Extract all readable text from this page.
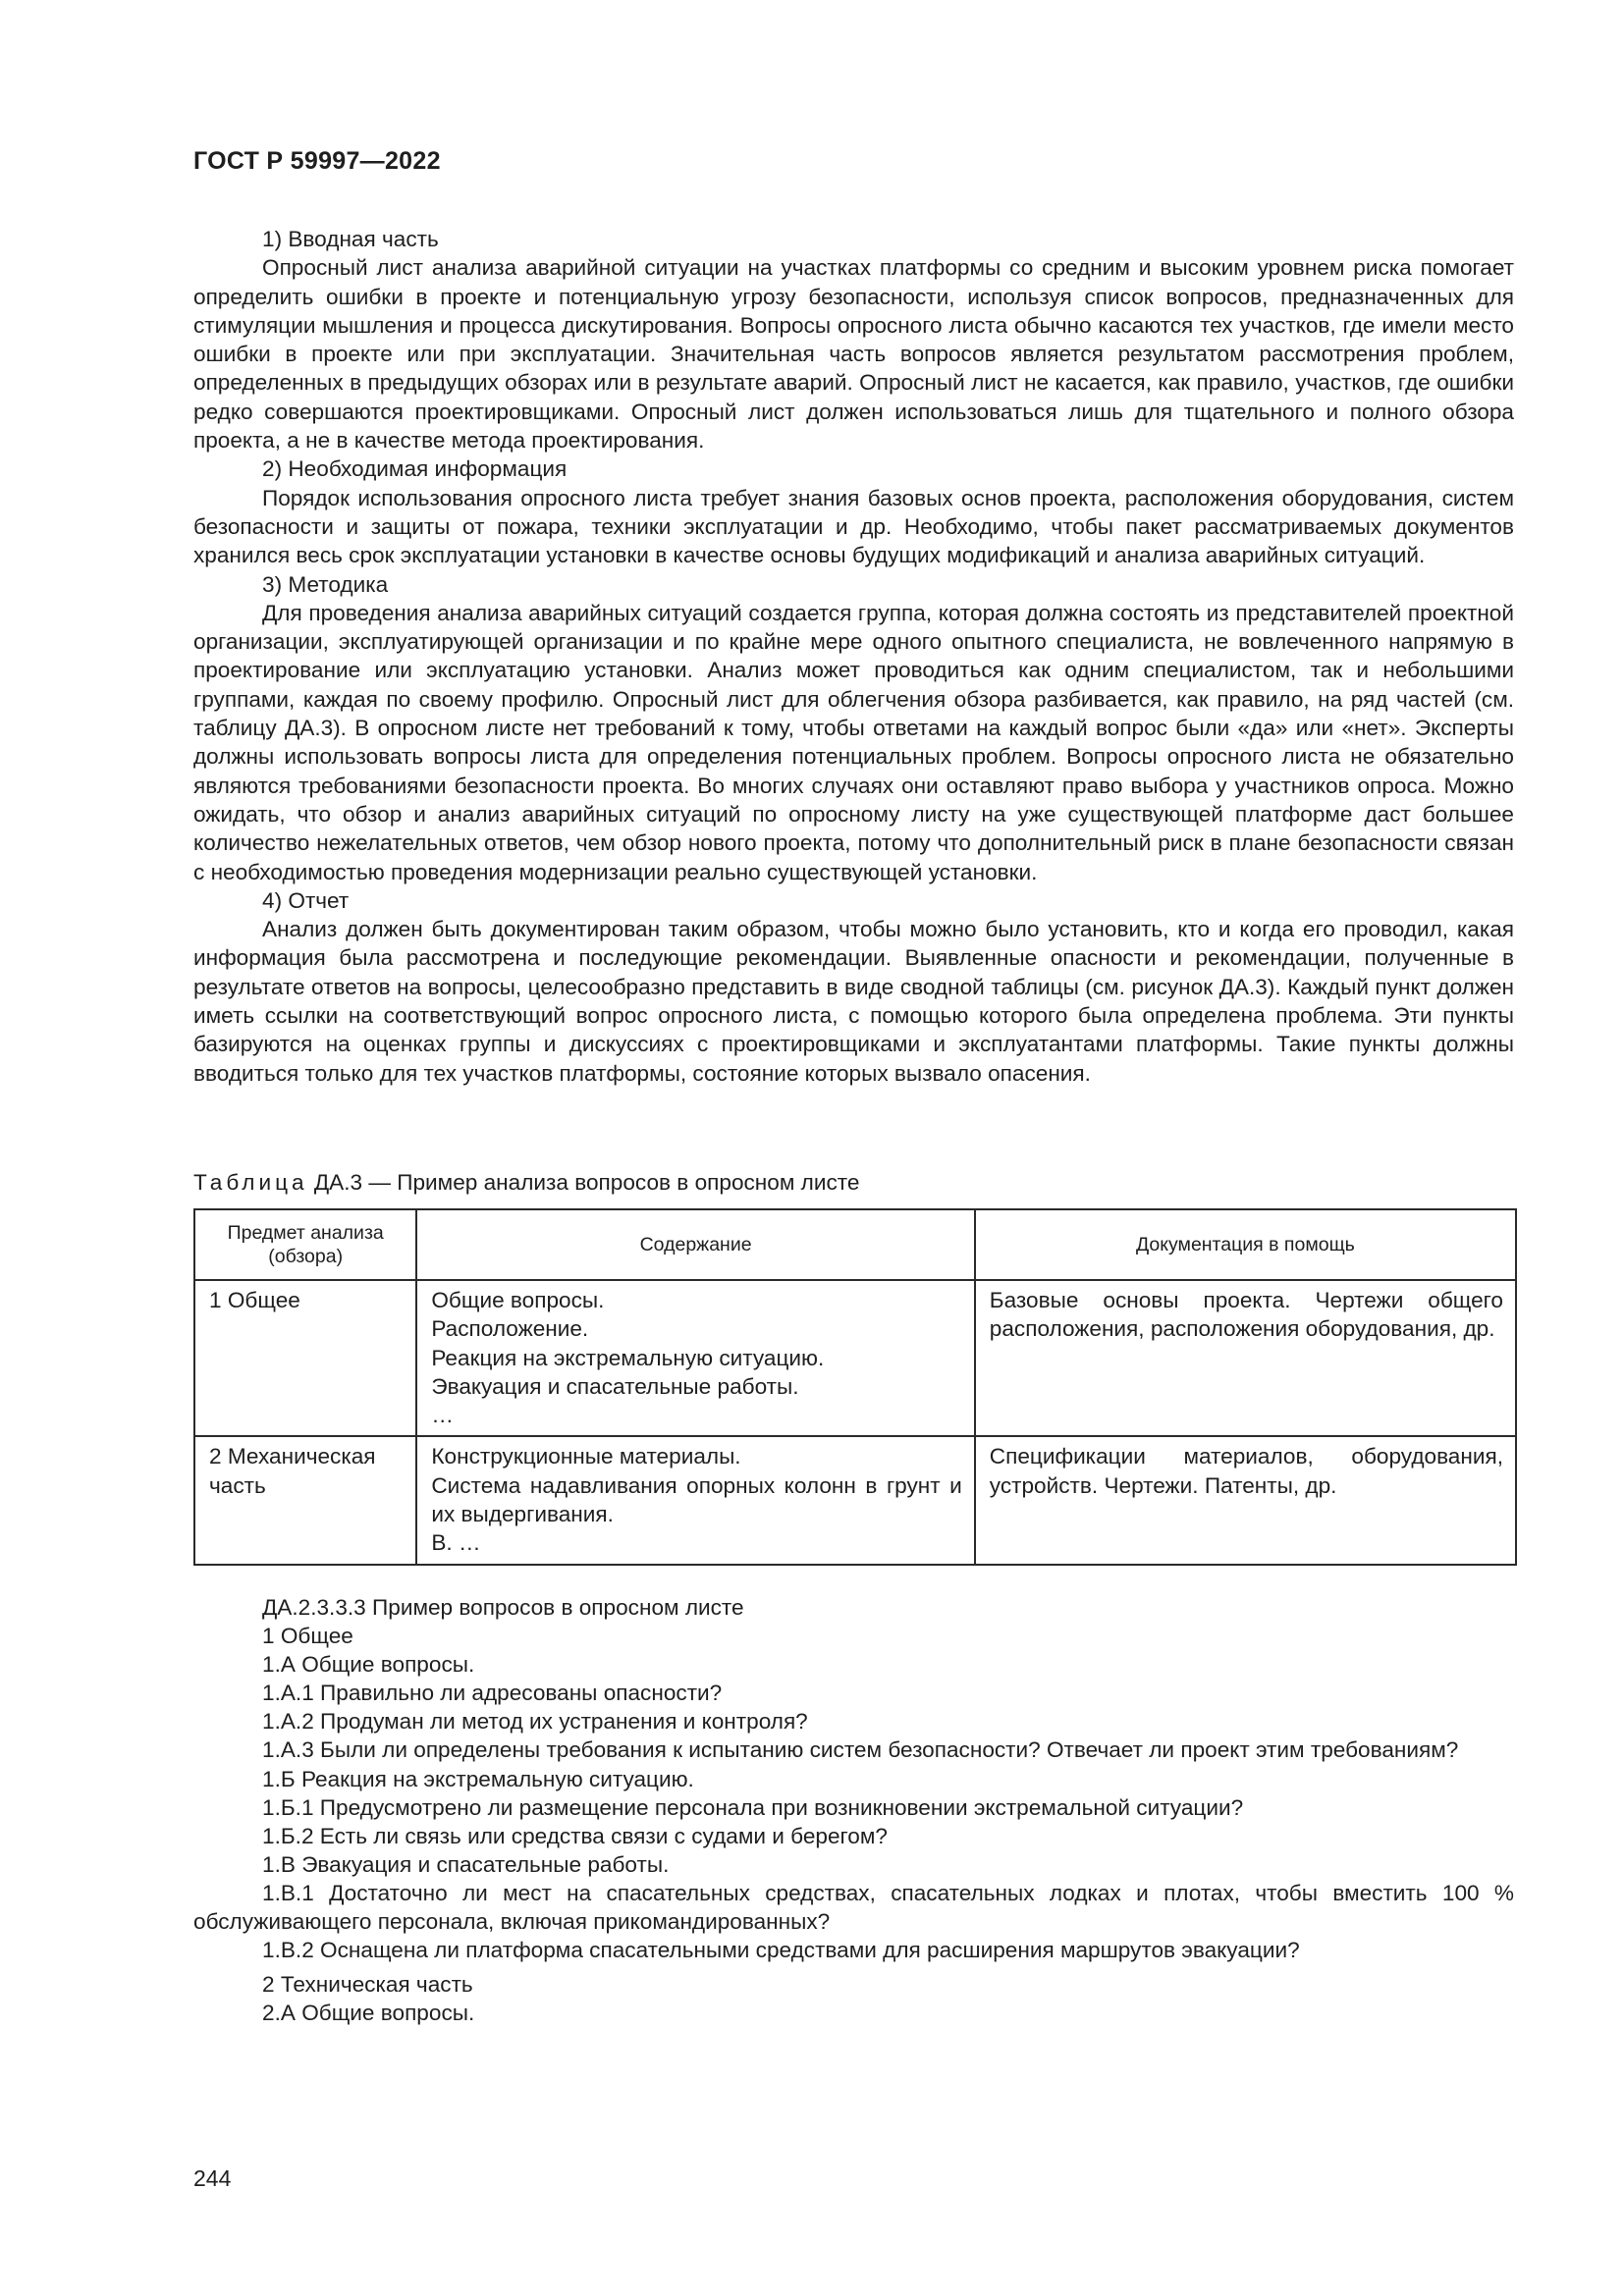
ГОСТ Р 59997—2022

1) Вводная часть

Опросный лист анализа аварийной ситуации на участках платформы со средним и высоким уровнем риска помогает определить ошибки в проекте и потенциальную угрозу безопасности, используя список вопросов, предназначенных для стимуляции мышления и процесса дискутирования. Вопросы опросного листа обычно касаются тех участков, где имели место ошибки в проекте или при эксплуатации. Значительная часть вопросов является результатом рассмотрения проблем, определенных в предыдущих обзорах или в результате аварий. Опросный лист не касается, как правило, участков, где ошибки редко совершаются проектировщиками. Опросный лист должен использоваться лишь для тщательного и полного обзора проекта, а не в качестве метода проектирования.

2) Необходимая информация

Порядок использования опросного листа требует знания базовых основ проекта, расположения оборудования, систем безопасности и защиты от пожара, техники эксплуатации и др. Необходимо, чтобы пакет рассматриваемых документов хранился весь срок эксплуатации установки в качестве основы будущих модификаций и анализа аварийных ситуаций.

3) Методика

Для проведения анализа аварийных ситуаций создается группа, которая должна состоять из представителей проектной организации, эксплуатирующей организации и по крайне мере одного опытного специалиста, не вовлеченного напрямую в проектирование или эксплуатацию установки. Анализ может проводиться как одним специалистом, так и небольшими группами, каждая по своему профилю. Опросный лист для облегчения обзора разбивается, как правило, на ряд частей (см. таблицу ДА.3). В опросном листе нет требований к тому, чтобы ответами на каждый вопрос были «да» или «нет». Эксперты должны использовать вопросы листа для определения потенциальных проблем. Вопросы опросного листа не обязательно являются требованиями безопасности проекта. Во многих случаях они оставляют право выбора у участников опроса. Можно ожидать, что обзор и анализ аварийных ситуаций по опросному листу на уже существующей платформе даст большее количество нежелательных ответов, чем обзор нового проекта, потому что дополнительный риск в плане безопасности связан с необходимостью проведения модернизации реально существующей установки.

4) Отчет

Анализ должен быть документирован таким образом, чтобы можно было установить, кто и когда его проводил, какая информация была рассмотрена и последующие рекомендации. Выявленные опасности и рекомендации, полученные в результате ответов на вопросы, целесообразно представить в виде сводной таблицы (см. рисунок ДА.3). Каждый пункт должен иметь ссылки на соответствующий вопрос опросного листа, с помощью которого была определена проблема. Эти пункты базируются на оценках группы и дискуссиях с проектировщиками и эксплуатантами платформы. Такие пункты должны вводиться только для тех участков платформы, состояние которых вызвало опасения.

Таблица ДА.3 — Пример анализа вопросов в опросном листе
Предмет анализа (обзора)	Содержание	Документация в помощь
1 Общее	Общие вопросы.
Расположение.
Реакция на экстремальную ситуацию.
Эвакуация и спасательные работы.
…	Базовые основы проекта. Чертежи общего расположения, расположения оборудования, др.
2 Механическая часть	Конструкционные материалы.
Система надавливания опорных колонн в грунт и их выдергивания.
В. …	Спецификации материалов, оборудования, устройств. Чертежи. Патенты, др.

ДА.2.3.3.3 Пример вопросов в опросном листе

1 Общее

1.А Общие вопросы.

1.А.1 Правильно ли адресованы опасности?

1.А.2 Продуман ли метод их устранения и контроля?

1.А.3 Были ли определены требования к испытанию систем безопасности? Отвечает ли проект этим требованиям?

1.Б Реакция на экстремальную ситуацию.

1.Б.1 Предусмотрено ли размещение персонала при возникновении экстремальной ситуации?

1.Б.2 Есть ли связь или средства связи с судами и берегом?

1.В Эвакуация и спасательные работы.

1.В.1 Достаточно ли мест на спасательных средствах, спасательных лодках и плотах, чтобы вместить 100 % обслуживающего персонала, включая прикомандированных?

1.В.2 Оснащена ли платформа спасательными средствами для расширения маршрутов эвакуации?

2 Техническая часть

2.А Общие вопросы.

244
